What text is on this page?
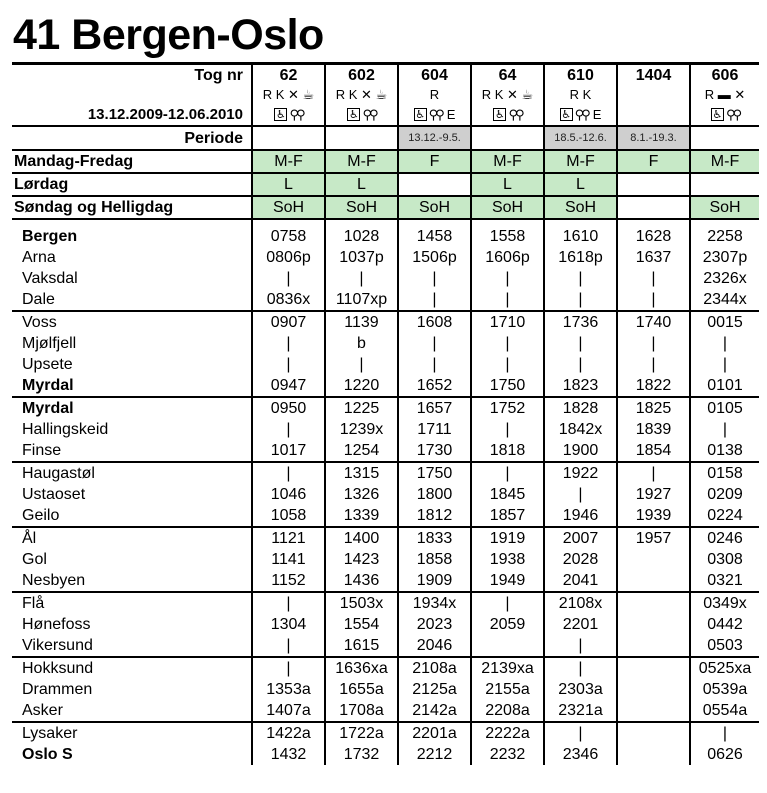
41 Bergen-Oslo
Tog nr	62	602	604	64	610	1404	606
	R K ✕ ☕	R K ✕ ☕	R	R K ✕ ☕	R K		R ▬ ✕
13.12.2009-12.06.2010	♿ ⚲⚲	♿ ⚲⚲	♿ ⚲⚲ E	♿ ⚲⚲	♿ ⚲⚲ E		♿ ⚲⚲

Periode			13.12.-9.5.		18.5.-12.6.	8.1.-19.3.	
Mandag-Fredag	M-F	M-F	F	M-F	M-F	F	M-F
Lørdag	L	L		L	L		
Søndag og Helligdag	SoH	SoH	SoH	SoH	SoH		SoH
Bergen	0758	1028	1458	1558	1610	1628	2258
Arna	0806p	1037p	1506p	1606p	1618p	1637	2307p
Vaksdal	|	|	|	|	|	|	2326x
Dale	0836x	1107xp	|	|	|	|	2344x
Voss	0907	1139	1608	1710	1736	1740	0015
Mjølfjell	|	b	|	|	|	|	|
Upsete	|	|	|	|	|	|	|
Myrdal	0947	1220	1652	1750	1823	1822	0101
Myrdal	0950	1225	1657	1752	1828	1825	0105
Hallingskeid	|	1239x	1711	|	1842x	1839	|
Finse	1017	1254	1730	1818	1900	1854	0138
Haugastøl	|	1315	1750	|	1922	|	0158
Ustaoset	1046	1326	1800	1845	|	1927	0209
Geilo	1058	1339	1812	1857	1946	1939	0224
Ål	1121	1400	1833	1919	2007	1957	0246
Gol	1141	1423	1858	1938	2028		0308
Nesbyen	1152	1436	1909	1949	2041		0321
Flå	|	1503x	1934x	|	2108x		0349x
Hønefoss	1304	1554	2023	2059	2201		0442
Vikersund	|	1615	2046		|		0503
Hokksund	|	1636xa	2108a	2139xa	|		0525xa
Drammen	1353a	1655a	2125a	2155a	2303a		0539a
Asker	1407a	1708a	2142a	2208a	2321a		0554a
Lysaker	1422a	1722a	2201a	2222a	|		|
Oslo S	1432	1732	2212	2232	2346		0626
